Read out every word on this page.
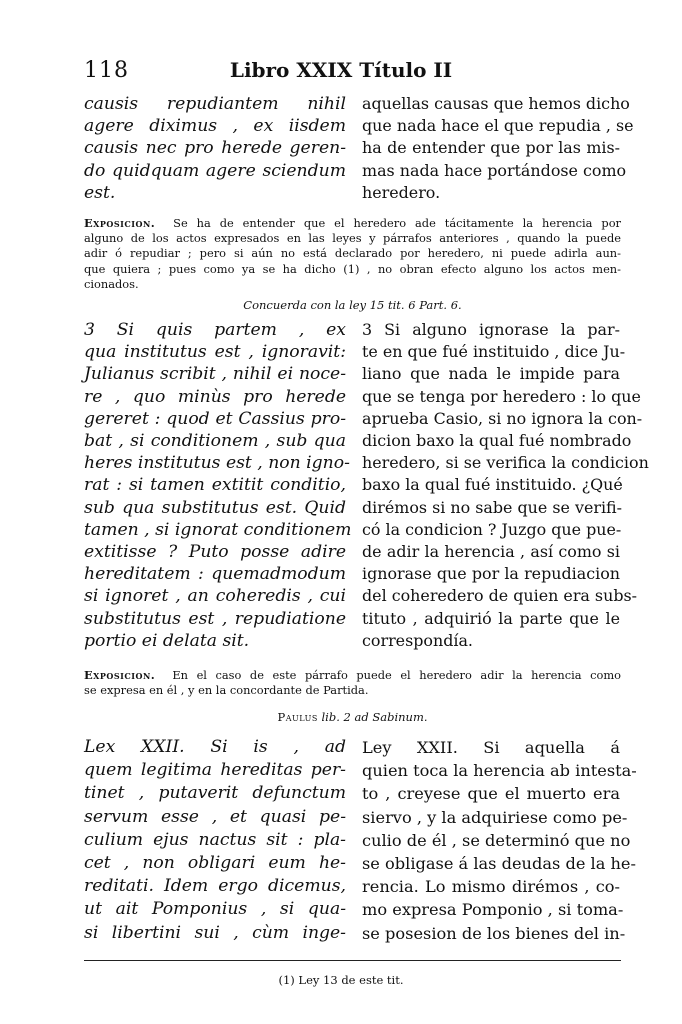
118	Libro XXIX Título II
causis repudiantem nihil
agere diximus , ex iisdem
causis nec pro herede geren-
do quidquam agere sciendum
est.
aquellas causas que hemos dicho
que nada hace el que repudia , se
ha de entender que por las mis-
mas nada hace portándose como
heredero.
Exposicion. Se ha de entender que el heredero ade tácitamente la herencia por
alguno de los actos expresados en las leyes y párrafos anteriores , quando la puede
adir ó repudiar ; pero si aún no está declarado por heredero, ni puede adirla aun-
que quiera ; pues como ya se ha dicho (1) , no obran efecto alguno los actos men-
cionados.
Concuerda con la ley 15 tit. 6 Part. 6.
3 Si quis partem , ex
qua institutus est , ignoravit:
Julianus scribit , nihil ei noce-
re , quo minùs pro herede
gereret : quod et Cassius pro-
bat , si conditionem , sub qua
heres institutus est , non igno-
rat : si tamen extitit conditio,
sub qua substitutus est. Quid
tamen , si ignorat conditionem
extitisse ? Puto posse adire
hereditatem : quemadmodum
si ignoret , an coheredis , cui
substitutus est , repudiatione
portio ei delata sit.
3 Si alguno ignorase la par-
te en que fué instituido , dice Ju-
liano que nada le impide para
que se tenga por heredero : lo que
aprueba Casio, si no ignora la con-
dicion baxo la qual fué nombrado
heredero, si se verifica la condicion
baxo la qual fué instituido. ¿Qué
dirémos si no sabe que se verifi-
có la condicion ? Juzgo que pue-
de adir la herencia , así como si
ignorase que por la repudiacion
del coheredero de quien era subs-
tituto , adquirió la parte que le
correspondía.
Exposicion. En el caso de este párrafo puede el heredero adir la herencia como
se expresa en él , y en la concordante de Partida.
Paulus lib. 2 ad Sabinum.
Lex XXII. Si is , ad
quem legitima hereditas per-
tinet , putaverit defunctum
servum esse , et quasi pe-
culium ejus nactus sit : pla-
cet , non obligari eum he-
reditati. Idem ergo dicemus,
ut ait Pomponius , si qua-
si libertini sui , cùm inge-
Ley XXII. Si aquella á
quien toca la herencia ab intesta-
to , creyese que el muerto era
siervo , y la adquiriese como pe-
culio de él , se determinó que no
se obligase á las deudas de la he-
rencia. Lo mismo dirémos , co-
mo expresa Pomponio , si toma-
se posesion de los bienes del in-
(1) Ley 13 de este tit.
